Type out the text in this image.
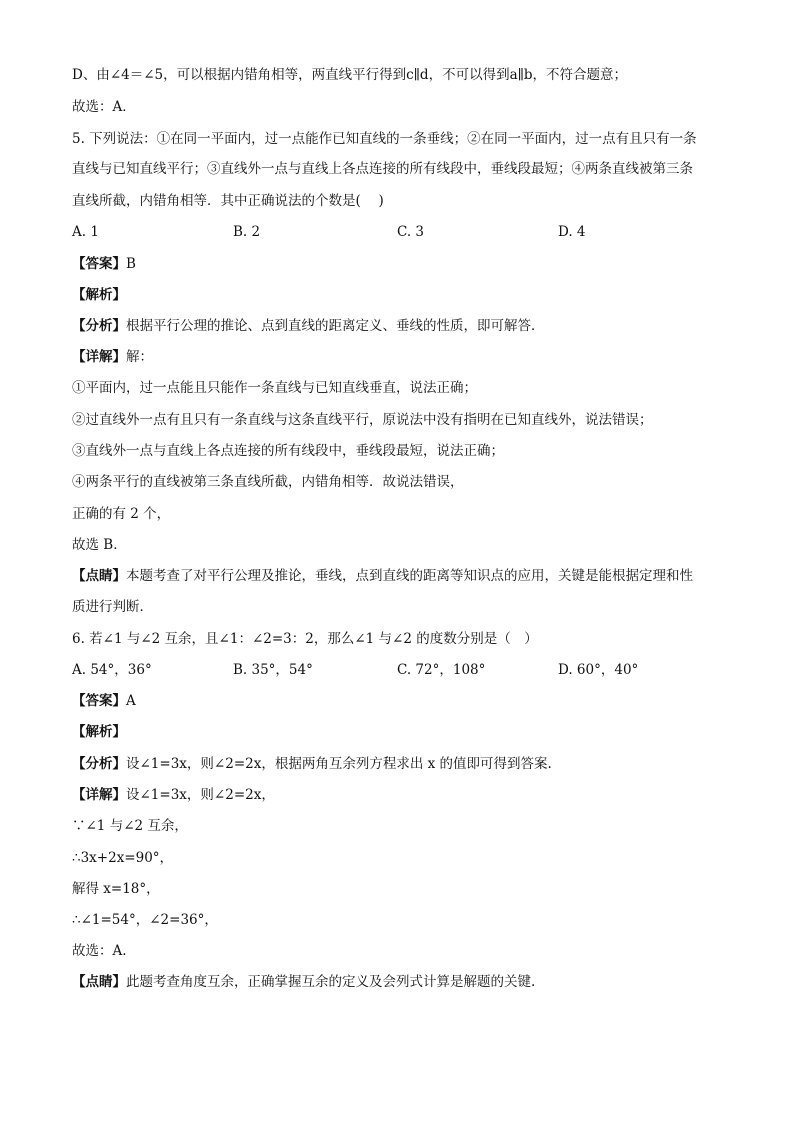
D、由∠4＝∠5，可以根据内错角相等，两直线平行得到c∥d，不可以得到a∥b，不符合题意；
故选：A．
5. 下列说法：①在同一平面内，过一点能作已知直线的一条垂线；②在同一平面内，过一点有且只有一条
直线与已知直线平行；③直线外一点与直线上各点连接的所有线段中，垂线段最短；④两条直线被第三条
直线所截，内错角相等．其中正确说法的个数是(　 )
A. 1	B. 2	C. 3	D. 4
【答案】B
【解析】
【分析】根据平行公理的推论、点到直线的距离定义、垂线的性质，即可解答．
【详解】解：
①平面内，过一点能且只能作一条直线与已知直线垂直，说法正确；
②过直线外一点有且只有一条直线与这条直线平行，原说法中没有指明在已知直线外，说法错误；
③直线外一点与直线上各点连接的所有线段中，垂线段最短，说法正确；
④两条平行的直线被第三条直线所截，内错角相等．故说法错误，
正确的有 2 个，
故选 B．
【点睛】本题考查了对平行公理及推论，垂线，点到直线的距离等知识点的应用，关键是能根据定理和性
质进行判断．
6. 若∠1 与∠2 互余，且∠1：∠2=3：2，那么∠1 与∠2 的度数分别是（　）
A. 54°，36°	B. 35°，54°	C. 72°，108°	D. 60°，40°
【答案】A
【解析】
【分析】设∠1=3x，则∠2=2x，根据两角互余列方程求出 x 的值即可得到答案.
【详解】设∠1=3x，则∠2=2x，
∵∠1 与∠2 互余，
∴3x+2x=90°，
解得 x=18°，
∴∠1=54°，∠2=36°，
故选：A.
【点睛】此题考查角度互余，正确掌握互余的定义及会列式计算是解题的关键.
